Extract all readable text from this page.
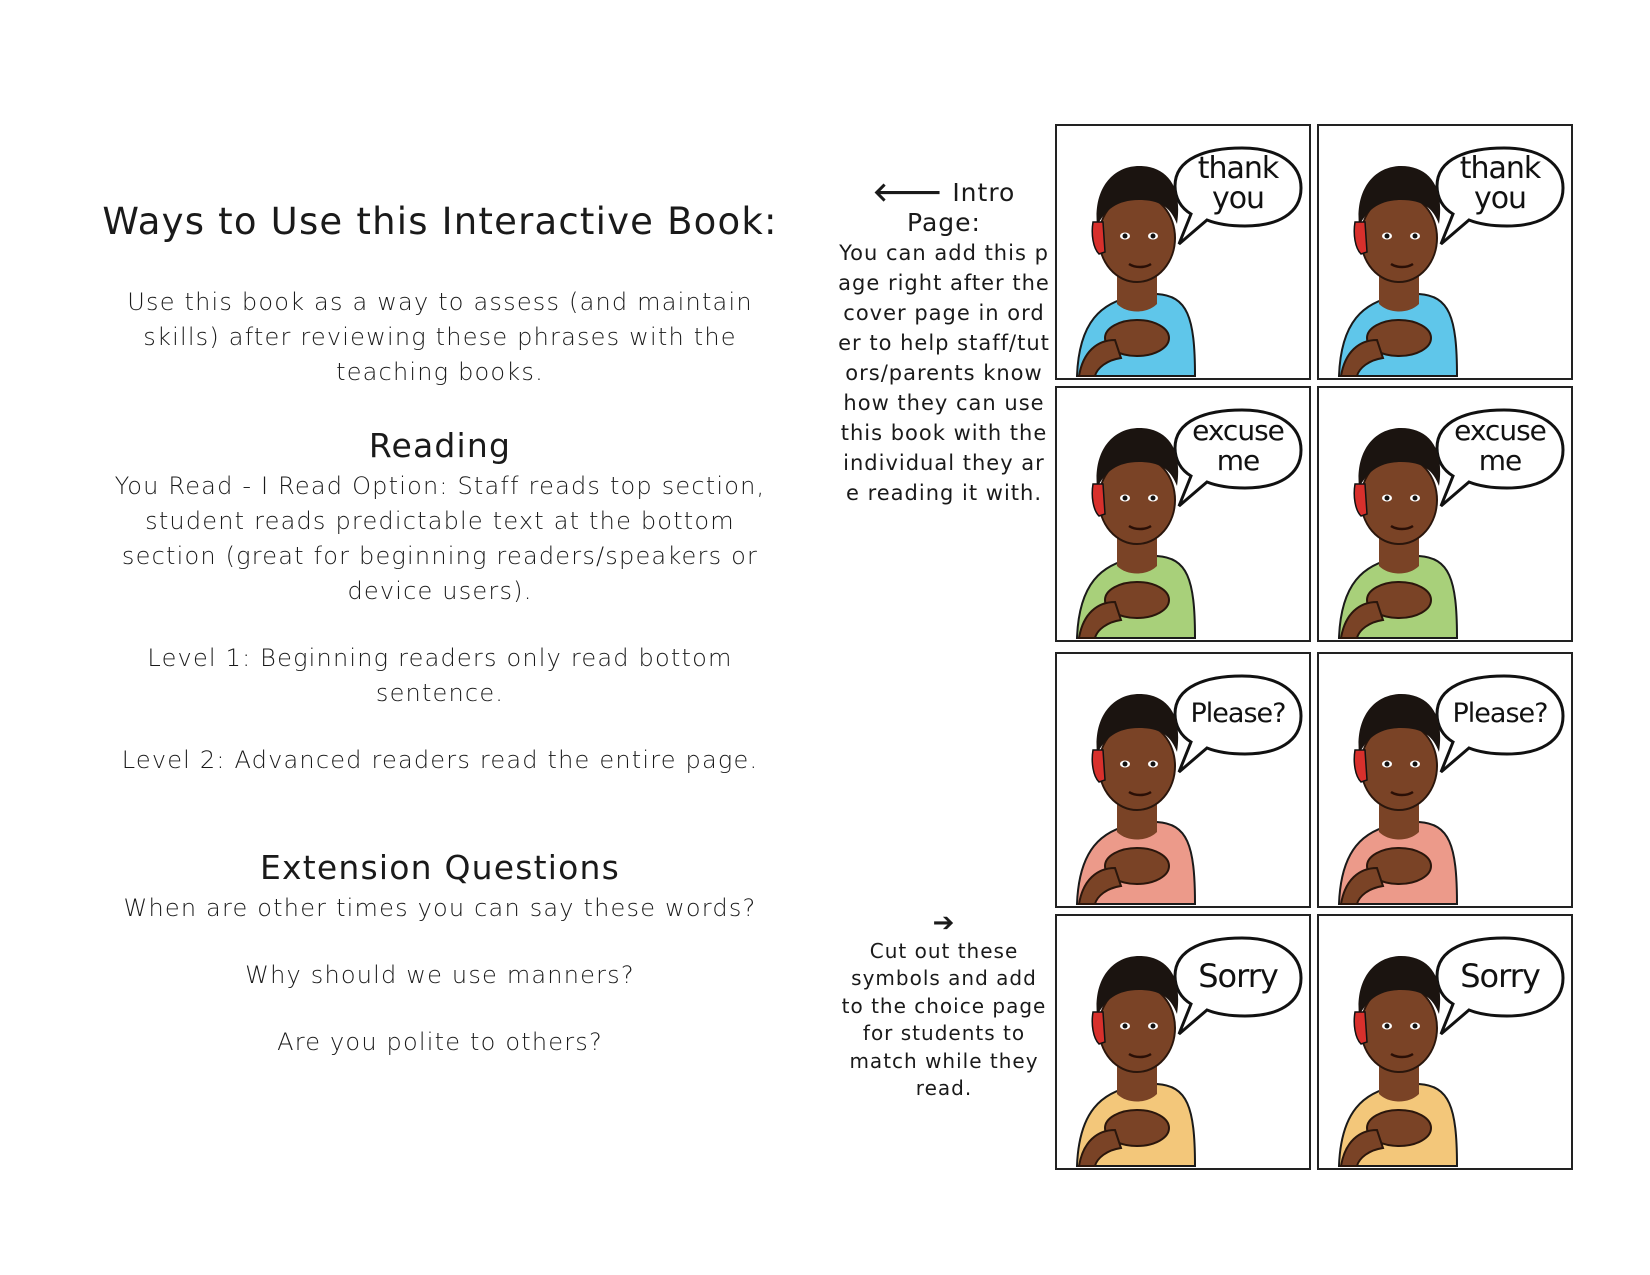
Ways to Use this Interactive Book:

Use this book as a way to assess (and maintain skills) after reviewing these phrases with the teaching books.

Reading

You Read - I Read Option: Staff reads top section, student reads predictable text at the bottom section (great for beginning readers/speakers or device users).

Level 1: Beginning readers only read bottom sentence.

Level 2: Advanced readers read the entire page.

Extension Questions

When are other times you can say these words?

Why should we use manners?

Are you polite to others?

🡐 Intro Page:
You can add this page right after the cover page in order to help staff/tutors/parents know how they can use this book with the individual they are reading it with.
➔
Cut out these symbols and add to the choice page for students to match while they read.
thank
you
thank
you
excuse
me
excuse
me
Please?	Please?
Sorry	Sorry
